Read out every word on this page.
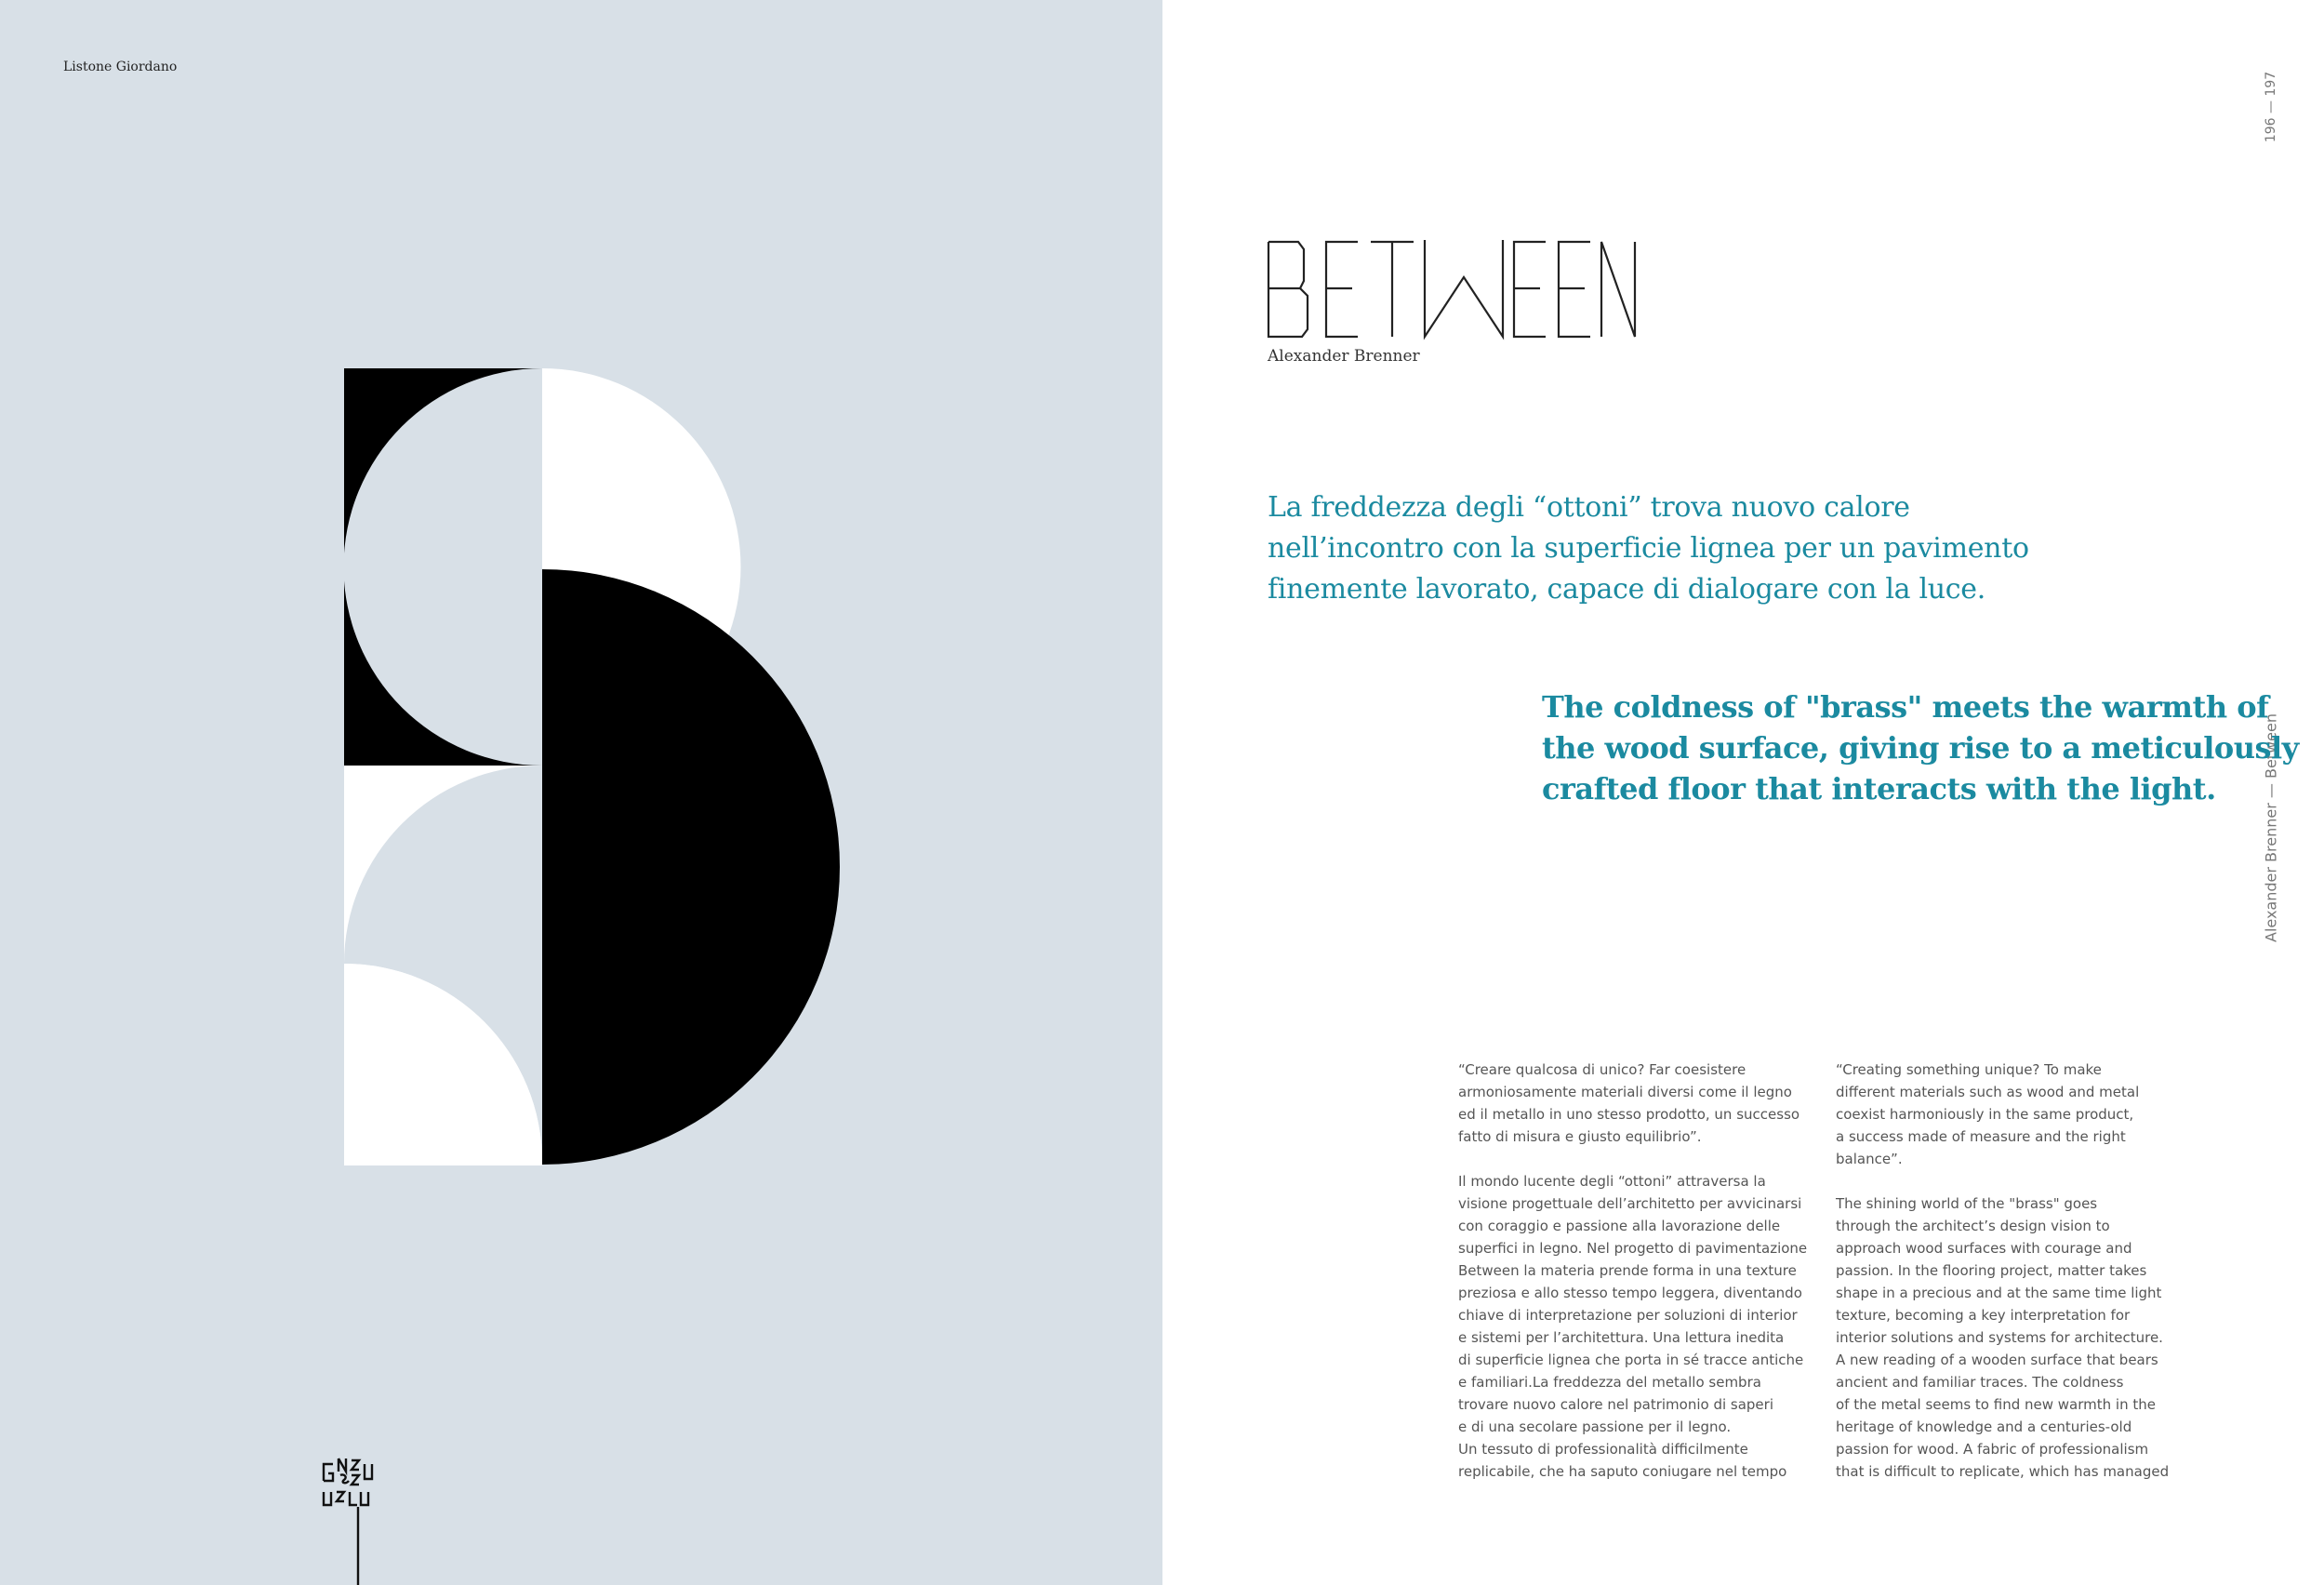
Listone Giordano
196 — 197
Alexander Brenner — Between
Alexander Brenner
La freddezza degli “ottoni” trova nuovo calore
nell’incontro con la superficie lignea per un pavimento
finemente lavorato, capace di dialogare con la luce.
The coldness of "brass" meets the warmth of
the wood surface, giving rise to a meticulously
crafted floor that interacts with the light.

“Creare qualcosa di unico? Far coesistere
armoniosamente materiali diversi come il legno
ed il metallo in uno stesso prodotto, un successo
fatto di misura e giusto equilibrio”.

Il mondo lucente degli “ottoni” attraversa la
visione progettuale dell’architetto per avvicinarsi
con coraggio e passione alla lavorazione delle
superfici in legno. Nel progetto di pavimentazione
Between la materia prende forma in una texture
preziosa e allo stesso tempo leggera, diventando
chiave di interpretazione per soluzioni di interior
e sistemi per l’architettura. Una lettura inedita
di superficie lignea che porta in sé tracce antiche
e familiari.La freddezza del metallo sembra
trovare nuovo calore nel patrimonio di saperi
e di una secolare passione per il legno.
Un tessuto di professionalità difficilmente
replicabile, che ha saputo coniugare nel tempo

“Creating something unique? To make
different materials such as wood and metal
coexist harmoniously in the same product,
a success made of measure and the right
balance”.

The shining world of the "brass" goes
through the architect’s design vision to
approach wood surfaces with courage and
passion. In the flooring project, matter takes
shape in a precious and at the same time light
texture, becoming a key interpretation for
interior solutions and systems for architecture.
A new reading of a wooden surface that bears
ancient and familiar traces. The coldness
of the metal seems to find new warmth in the
heritage of knowledge and a centuries-old
passion for wood. A fabric of professionalism
that is difficult to replicate, which has managed
